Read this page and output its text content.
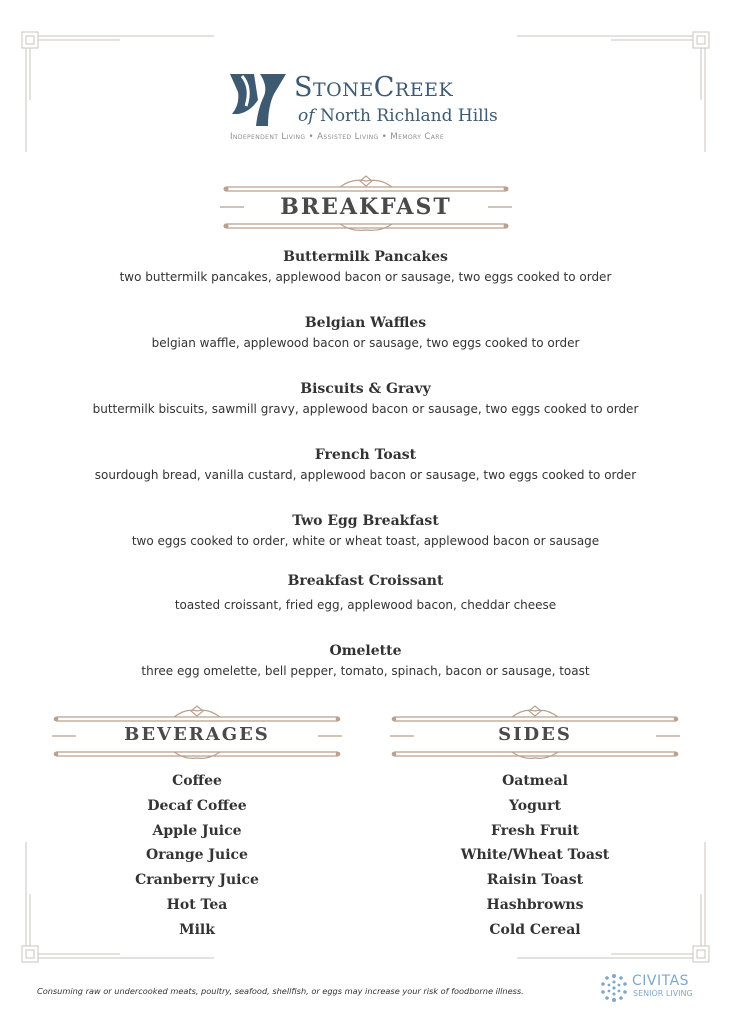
StoneCreek
of North Richland Hills
Independent Living • Assisted Living • Memory Care
BREAKFAST
Buttermilk Pancakes
two buttermilk pancakes, applewood bacon or sausage, two eggs cooked to order
Belgian Waffles
belgian waffle, applewood bacon or sausage, two eggs cooked to order
Biscuits & Gravy
buttermilk biscuits, sawmill gravy, applewood bacon or sausage, two eggs cooked to order
French Toast
sourdough bread, vanilla custard, applewood bacon or sausage, two eggs cooked to order
Two Egg Breakfast
two eggs cooked to order, white or wheat toast, applewood bacon or sausage
Breakfast Croissant
toasted croissant, fried egg, applewood bacon, cheddar cheese
Omelette
three egg omelette, bell pepper, tomato, spinach, bacon or sausage, toast
BEVERAGES	SIDES
Coffee
Decaf Coffee
Apple Juice
Orange Juice
Cranberry Juice
Hot Tea
Milk
Oatmeal
Yogurt
Fresh Fruit
White/Wheat Toast
Raisin Toast
Hashbrowns
Cold Cereal
Consuming raw or undercooked meats, poultry, seafood, shellfish, or eggs may increase your risk of foodborne illness.
CIVITAS
SENIOR LIVING
